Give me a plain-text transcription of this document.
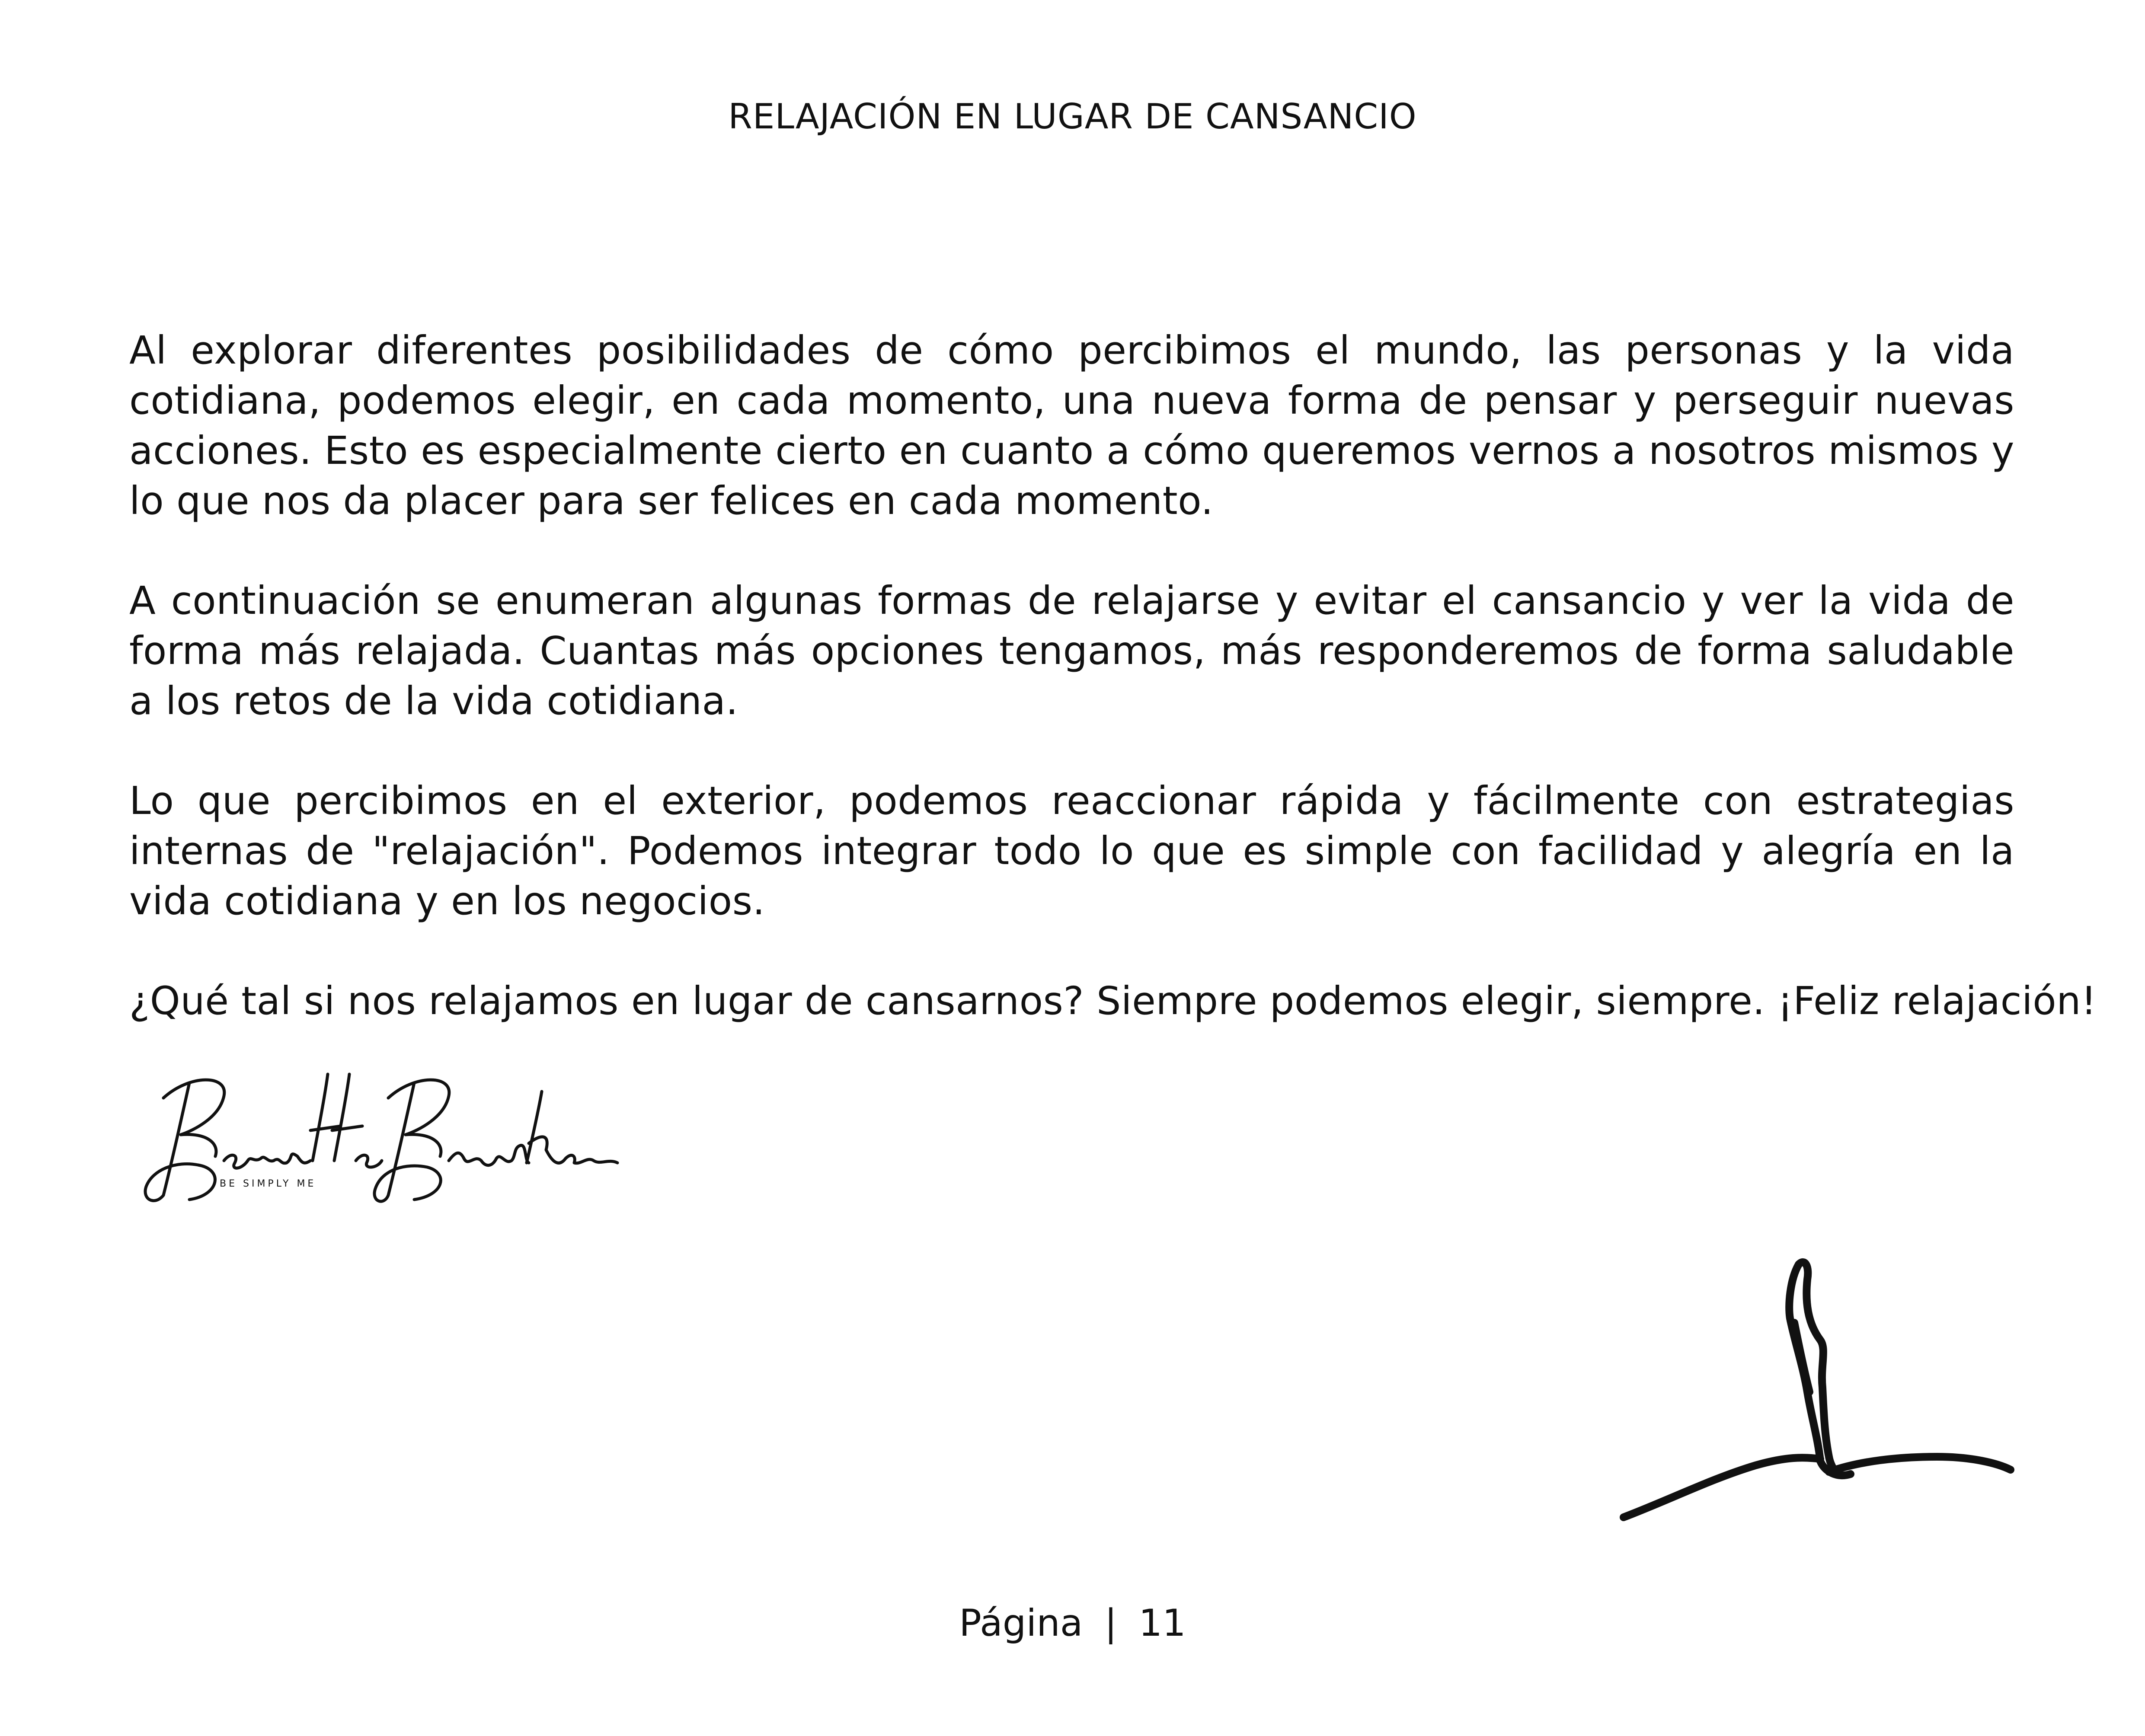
RELAJACIÓN EN LUGAR DE CANSANCIO

Al explorar diferentes posibilidades de cómo percibimos el mundo, las personas y la vida cotidiana, podemos elegir, en cada momento, una nueva forma de pensar y perseguir nuevas acciones. Esto es especialmente cierto en cuanto a cómo queremos vernos a nosotros mismos y lo que nos da placer para ser felices en cada momento.

A continuación se enumeran algunas formas de relajarse y evitar el cansancio y ver la vida de forma más relajada. Cuantas más opciones tengamos, más responderemos de forma saludable a los retos de la vida cotidiana.

Lo que percibimos en el exterior, podemos reaccionar rápida y fácilmente con estrategias internas de "relajación". Podemos integrar todo lo que es simple con facilidad y alegría en la vida cotidiana y en los negocios.

¿Qué tal si nos relajamos en lugar de cansarnos? Siempre podemos elegir, siempre. ¡Feliz relajación!

BE SIMPLY ME
Página | 11
